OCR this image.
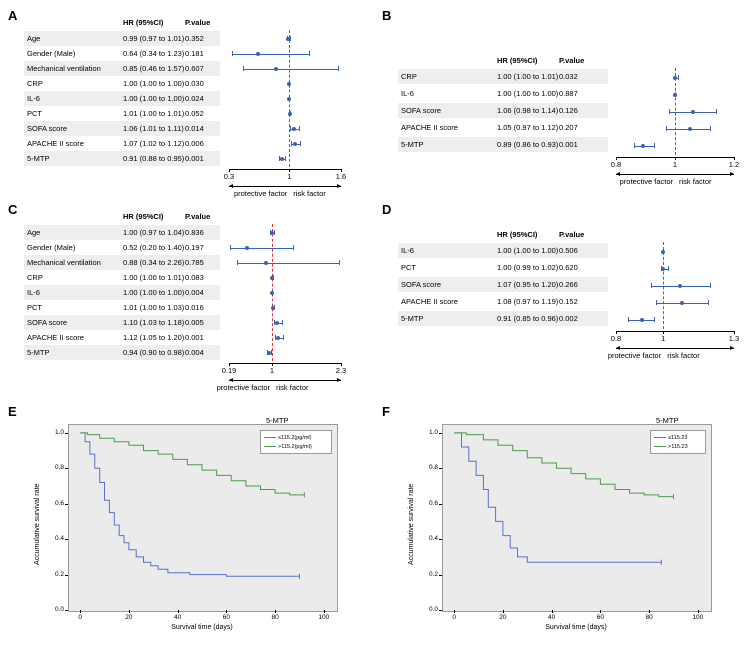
A	B
C	D
E	F
HR (95%CI)	P.value
Age	0.99 (0.97 to 1.01) 0.352
Gender (Male)	0.64 (0.34 to 1.23) 0.181
Mechanical ventilation	0.85 (0.46 to 1.57) 0.607
CRP	1.00 (1.00 to 1.00) 0.030
IL-6	1.00 (1.00 to 1.00) 0.024
PCT	1.01 (1.00 to 1.01) 0.052
SOFA score	1.06 (1.01 to 1.11) 0.014
APACHE II score	1.07 (1.02 to 1.12) 0.006
5-MTP	0.91 (0.88 to 0.95) 0.001
0.3	1	1.6
protective factor risk factor
HR (95%CI)	P.value
CRP	1.00 (1.00 to 1.01) 0.032
IL-6	1.00 (1.00 to 1.00) 0.887
SOFA score	1.06 (0.98 to 1.14) 0.126
APACHE II score	1.05 (0.97 to 1.12) 0.207
5-MTP	0.89 (0.86 to 0.93) 0.001
0.8	1	1.2
protective factor risk factor
HR (95%CI)	P.value
Age	1.00 (0.97 to 1.04) 0.836
Gender (Male)	0.52 (0.20 to 1.40) 0.197
Mechanical ventilation	0.88 (0.34 to 2.26) 0.785
CRP	1.00 (1.00 to 1.01) 0.083
IL-6	1.00 (1.00 to 1.00) 0.004
PCT	1.01 (1.00 to 1.03) 0.016
SOFA score	1.10 (1.03 to 1.18) 0.005
APACHE II score	1.12 (1.05 to 1.20) 0.001
5-MTP	0.94 (0.90 to 0.98) 0.004
0.19	1	2.3
protective factor risk factor
HR (95%CI)	P.value
IL-6	1.00 (1.00 to 1.00) 0.506
PCT	1.00 (0.99 to 1.02) 0.620
SOFA score	1.07 (0.95 to 1.20) 0.266
APACHE II score	1.08 (0.97 to 1.19) 0.152
5-MTP	0.91 (0.85 to 0.96) 0.002
0.8	1	1.3
protective factor risk factor
0.0
0.2
0.4
0.6
0.8
1.0
0	20	40	60	80	100
Accumulative survival rate
Survival time (days)
5-MTP
≤115.2(pg/ml)
>115.2(pg/ml)
0.0
0.2
0.4
0.6
0.8
1.0
0	20	40	60	80	100
Accumulative survival rate
Survival time (days)
5-MTP
≤115.23
>115.23
